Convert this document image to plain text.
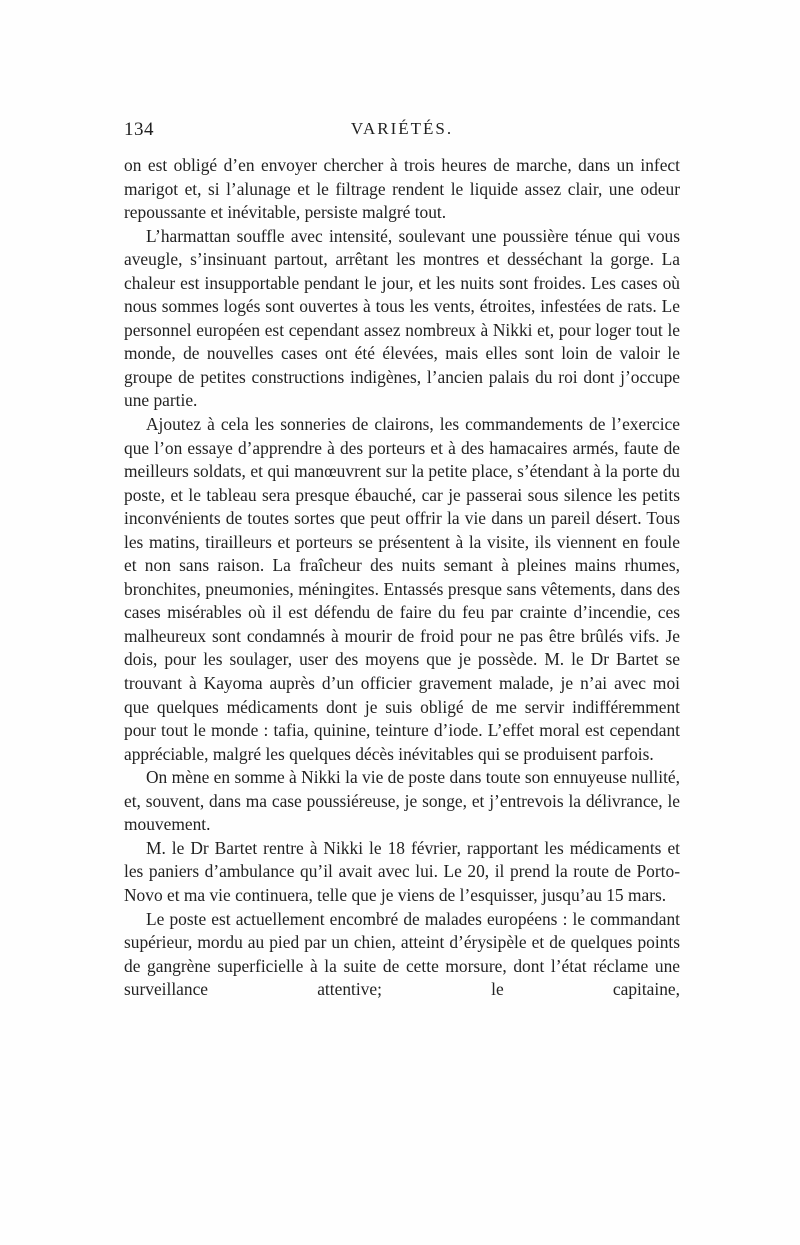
134	VARIÉTÉS.

on est obligé d’en envoyer chercher à trois heures de marche, dans un infect marigot et, si l’alunage et le filtrage rendent le liquide assez clair, une odeur repoussante et inévitable, persiste malgré tout.

L’harmattan souffle avec intensité, soulevant une poussière ténue qui vous aveugle, s’insinuant partout, arrêtant les montres et desséchant la gorge. La chaleur est insupportable pendant le jour, et les nuits sont froides. Les cases où nous sommes logés sont ouvertes à tous les vents, étroites, infestées de rats. Le personnel européen est cependant assez nombreux à Nikki et, pour loger tout le monde, de nouvelles cases ont été élevées, mais elles sont loin de valoir le groupe de petites constructions indigènes, l’ancien palais du roi dont j’occupe une partie.

Ajoutez à cela les sonneries de clairons, les commandements de l’exercice que l’on essaye d’apprendre à des porteurs et à des hamacaires armés, faute de meilleurs soldats, et qui manœuvrent sur la petite place, s’étendant à la porte du poste, et le tableau sera presque ébauché, car je passerai sous silence les petits inconvénients de toutes sortes que peut offrir la vie dans un pareil désert. Tous les matins, tirailleurs et porteurs se présentent à la visite, ils viennent en foule et non sans raison. La fraîcheur des nuits semant à pleines mains rhumes, bronchites, pneumonies, méningites. Entassés presque sans vêtements, dans des cases misérables où il est défendu de faire du feu par crainte d’incendie, ces malheureux sont condamnés à mourir de froid pour ne pas être brûlés vifs. Je dois, pour les soulager, user des moyens que je possède. M. le Dr Bartet se trouvant à Kayoma auprès d’un officier gravement malade, je n’ai avec moi que quelques médicaments dont je suis obligé de me servir indifféremment pour tout le monde : tafia, quinine, teinture d’iode. L’effet moral est cependant appréciable, malgré les quelques décès inévitables qui se produisent parfois.

On mène en somme à Nikki la vie de poste dans toute son ennuyeuse nullité, et, souvent, dans ma case poussiéreuse, je songe, et j’entrevois la délivrance, le mouvement.

M. le Dr Bartet rentre à Nikki le 18 février, rapportant les médicaments et les paniers d’ambulance qu’il avait avec lui. Le 20, il prend la route de Porto-Novo et ma vie continuera, telle que je viens de l’esquisser, jusqu’au 15 mars.

Le poste est actuellement encombré de malades européens : le commandant supérieur, mordu au pied par un chien, atteint d’érysipèle et de quelques points de gangrène superficielle à la suite de cette morsure, dont l’état réclame une surveillance attentive; le capitaine,
